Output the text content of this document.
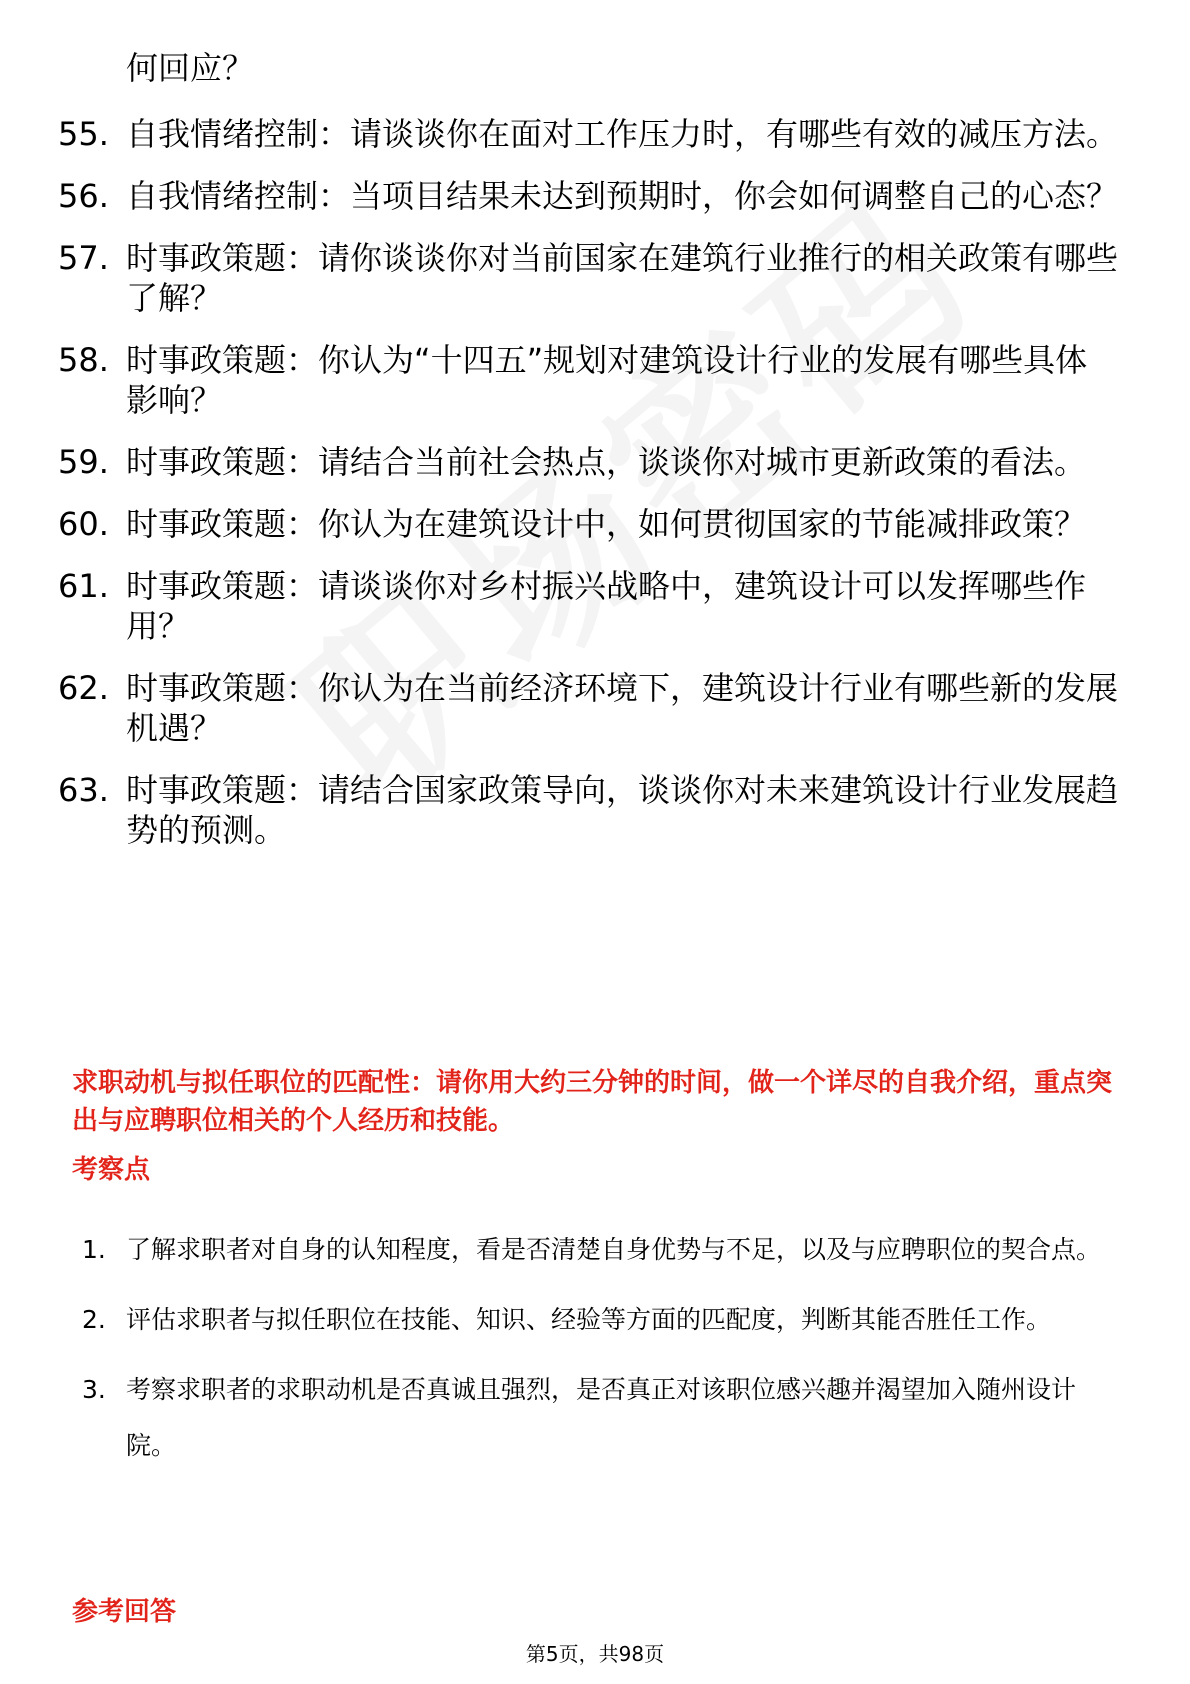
何回应？
55. 自我情绪控制：请谈谈你在面对工作压力时，有哪些有效的减压方法。
56. 自我情绪控制：当项目结果未达到预期时，你会如何调整自己的心态？
57. 时事政策题：请你谈谈你对当前国家在建筑行业推行的相关政策有哪些了解？
58. 时事政策题：你认为“十四五”规划对建筑设计行业的发展有哪些具体影响？
59. 时事政策题：请结合当前社会热点，谈谈你对城市更新政策的看法。
60. 时事政策题：你认为在建筑设计中，如何贯彻国家的节能减排政策？
61. 时事政策题：请谈谈你对乡村振兴战略中，建筑设计可以发挥哪些作用？
62. 时事政策题：你认为在当前经济环境下，建筑设计行业有哪些新的发展机遇？
63. 时事政策题：请结合国家政策导向，谈谈你对未来建筑设计行业发展趋势的预测。
求职动机与拟任职位的匹配性：请你用大约三分钟的时间，做一个详尽的自我介绍，重点突出与应聘职位相关的个人经历和技能。
考察点
1. 了解求职者对自身的认知程度，看是否清楚自身优势与不足，以及与应聘职位的契合点。
2. 评估求职者与拟任职位在技能、知识、经验等方面的匹配度，判断其能否胜任工作。
3. 考察求职者的求职动机是否真诚且强烈，是否真正对该职位感兴趣并渴望加入随州设计院。
参考回答
第5页，共98页
